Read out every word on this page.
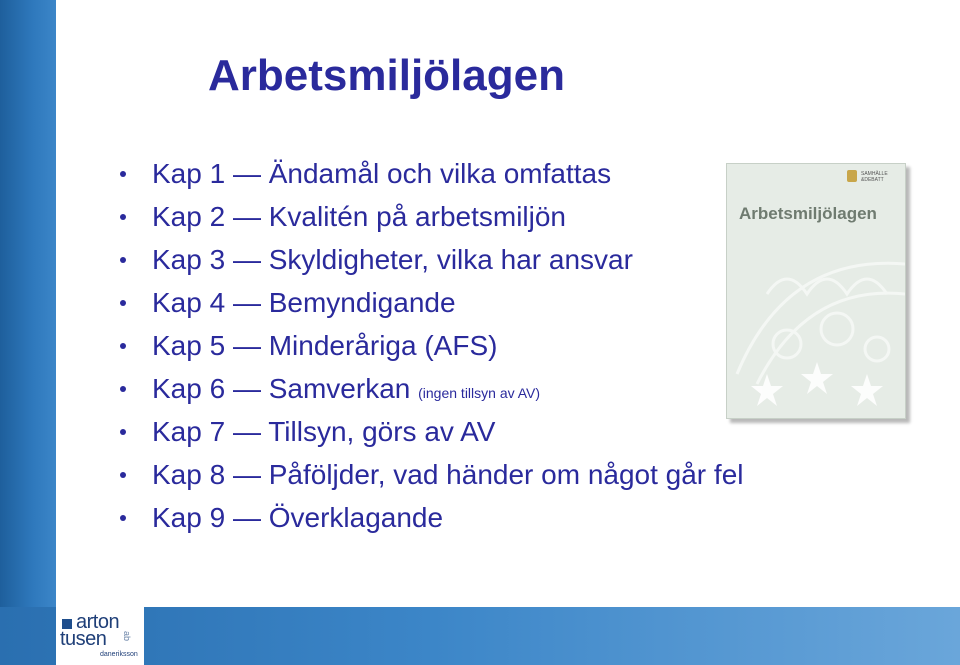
arton
tusen ab
daneriksson
Arbetsmiljölagen
Kap 1 — Ändamål och vilka omfattas
Kap 2 — Kvalitén på arbetsmiljön
Kap 3 — Skyldigheter, vilka har ansvar
Kap 4 — Bemyndigande
Kap 5 — Minderåriga (AFS)
Kap 6 — Samverkan (ingen tillsyn av AV)
Kap 7 — Tillsyn, görs av AV
Kap 8 — Påföljder, vad händer om något går fel
Kap 9 — Överklagande
SAMHÄLLE
&DEBATT
Arbetsmiljölagen
